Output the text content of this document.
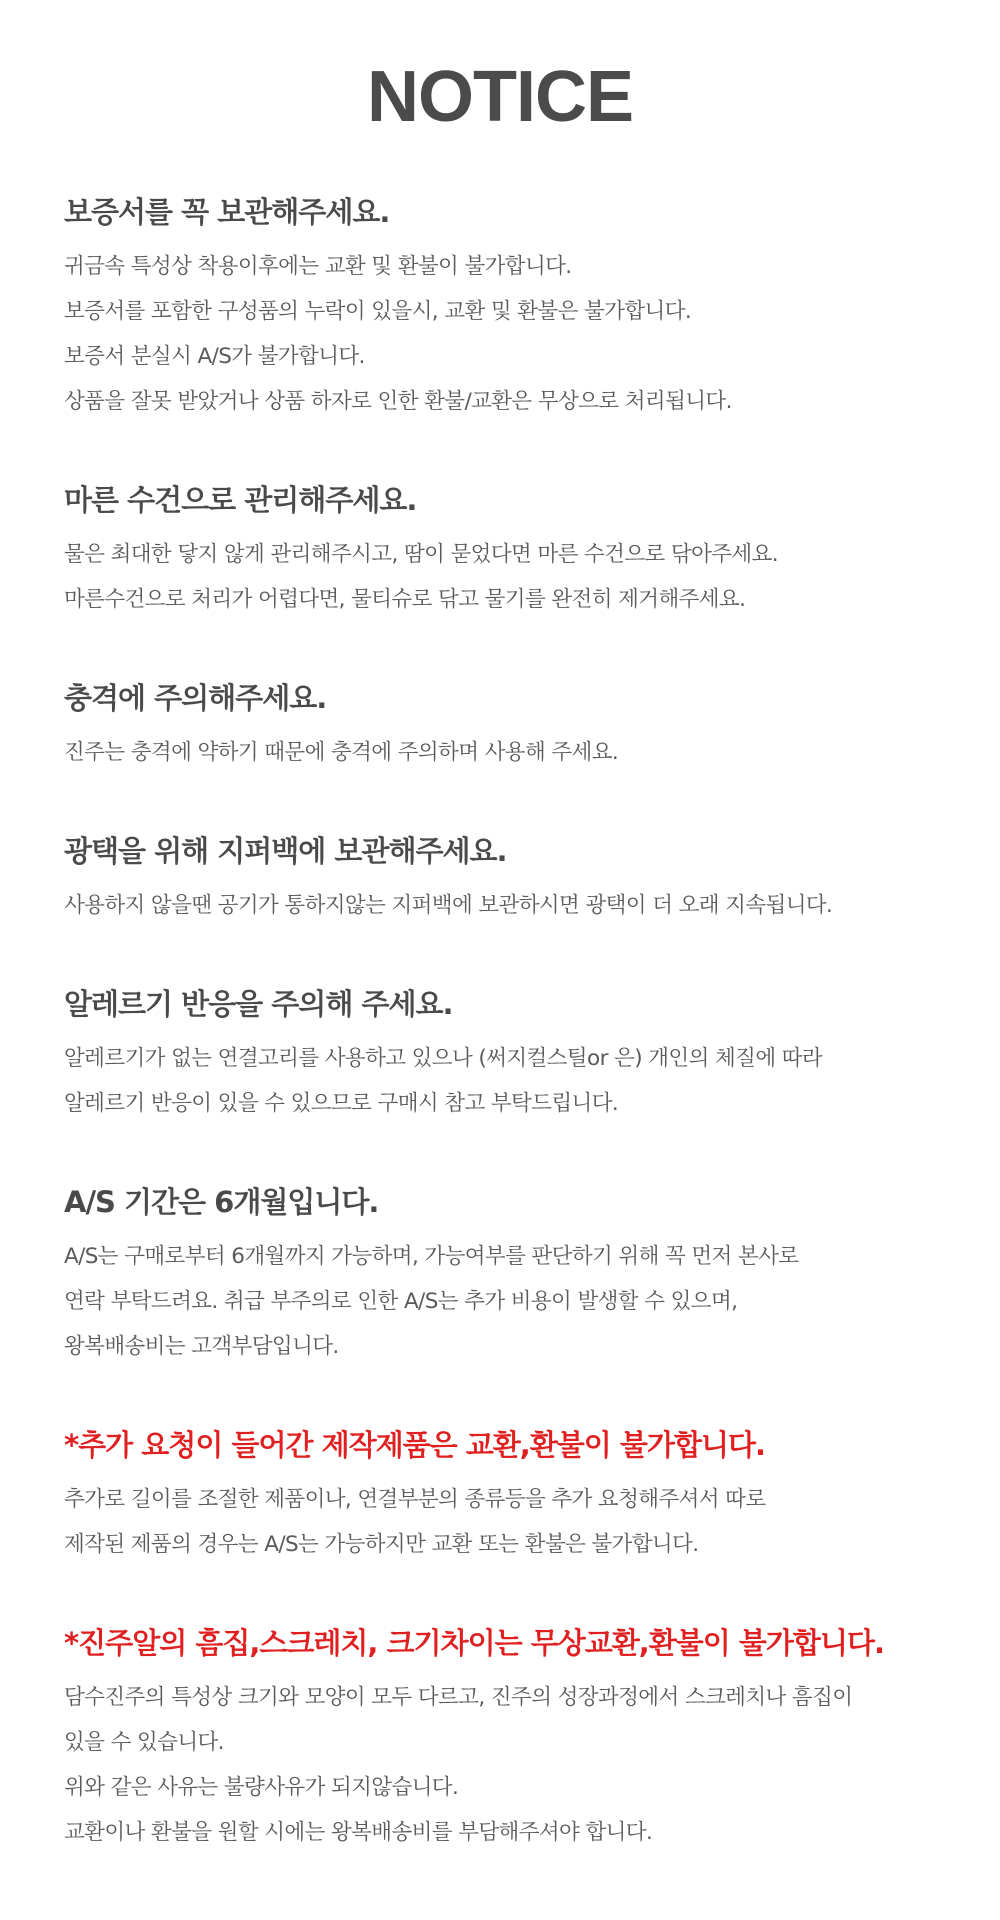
NOTICE
보증서를 꼭 보관해주세요.

귀금속 특성상 착용이후에는 교환 및 환불이 불가합니다.

보증서를 포함한 구성품의 누락이 있을시, 교환 및 환불은 불가합니다.

보증서 분실시 A/S가 불가합니다.

상품을 잘못 받았거나 상품 하자로 인한 환불/교환은 무상으로 처리됩니다.

마른 수건으로 관리해주세요.

물은 최대한 닿지 않게 관리해주시고, 땀이 묻었다면 마른 수건으로 닦아주세요.

마른수건으로 처리가 어렵다면, 물티슈로 닦고 물기를 완전히 제거해주세요.

충격에 주의해주세요.

진주는 충격에 약하기 때문에 충격에 주의하며 사용해 주세요.

광택을 위해 지퍼백에 보관해주세요.

사용하지 않을땐 공기가 통하지않는 지퍼백에 보관하시면 광택이 더 오래 지속됩니다.

알레르기 반응을 주의해 주세요.

알레르기가 없는 연결고리를 사용하고 있으나 (써지컬스틸or 은) 개인의 체질에 따라

알레르기 반응이 있을 수 있으므로 구매시 참고 부탁드립니다.

A/S 기간은 6개월입니다.

A/S는 구매로부터 6개월까지 가능하며, 가능여부를 판단하기 위해 꼭 먼저 본사로

연락 부탁드려요. 취급 부주의로 인한 A/S는 추가 비용이 발생할 수 있으며,

왕복배송비는 고객부담입니다.

*추가 요청이 들어간 제작제품은 교환,환불이 불가합니다.

추가로 길이를 조절한 제품이나, 연결부분의 종류등을 추가 요청해주셔서 따로

제작된 제품의 경우는 A/S는 가능하지만 교환 또는 환불은 불가합니다.

*진주알의 흠집,스크레치, 크기차이는 무상교환,환불이 불가합니다.

담수진주의 특성상 크기와 모양이 모두 다르고, 진주의 성장과정에서 스크레치나 흠집이

있을 수 있습니다.

위와 같은 사유는 불량사유가 되지않습니다.

교환이나 환불을 원할 시에는 왕복배송비를 부담해주셔야 합니다.
